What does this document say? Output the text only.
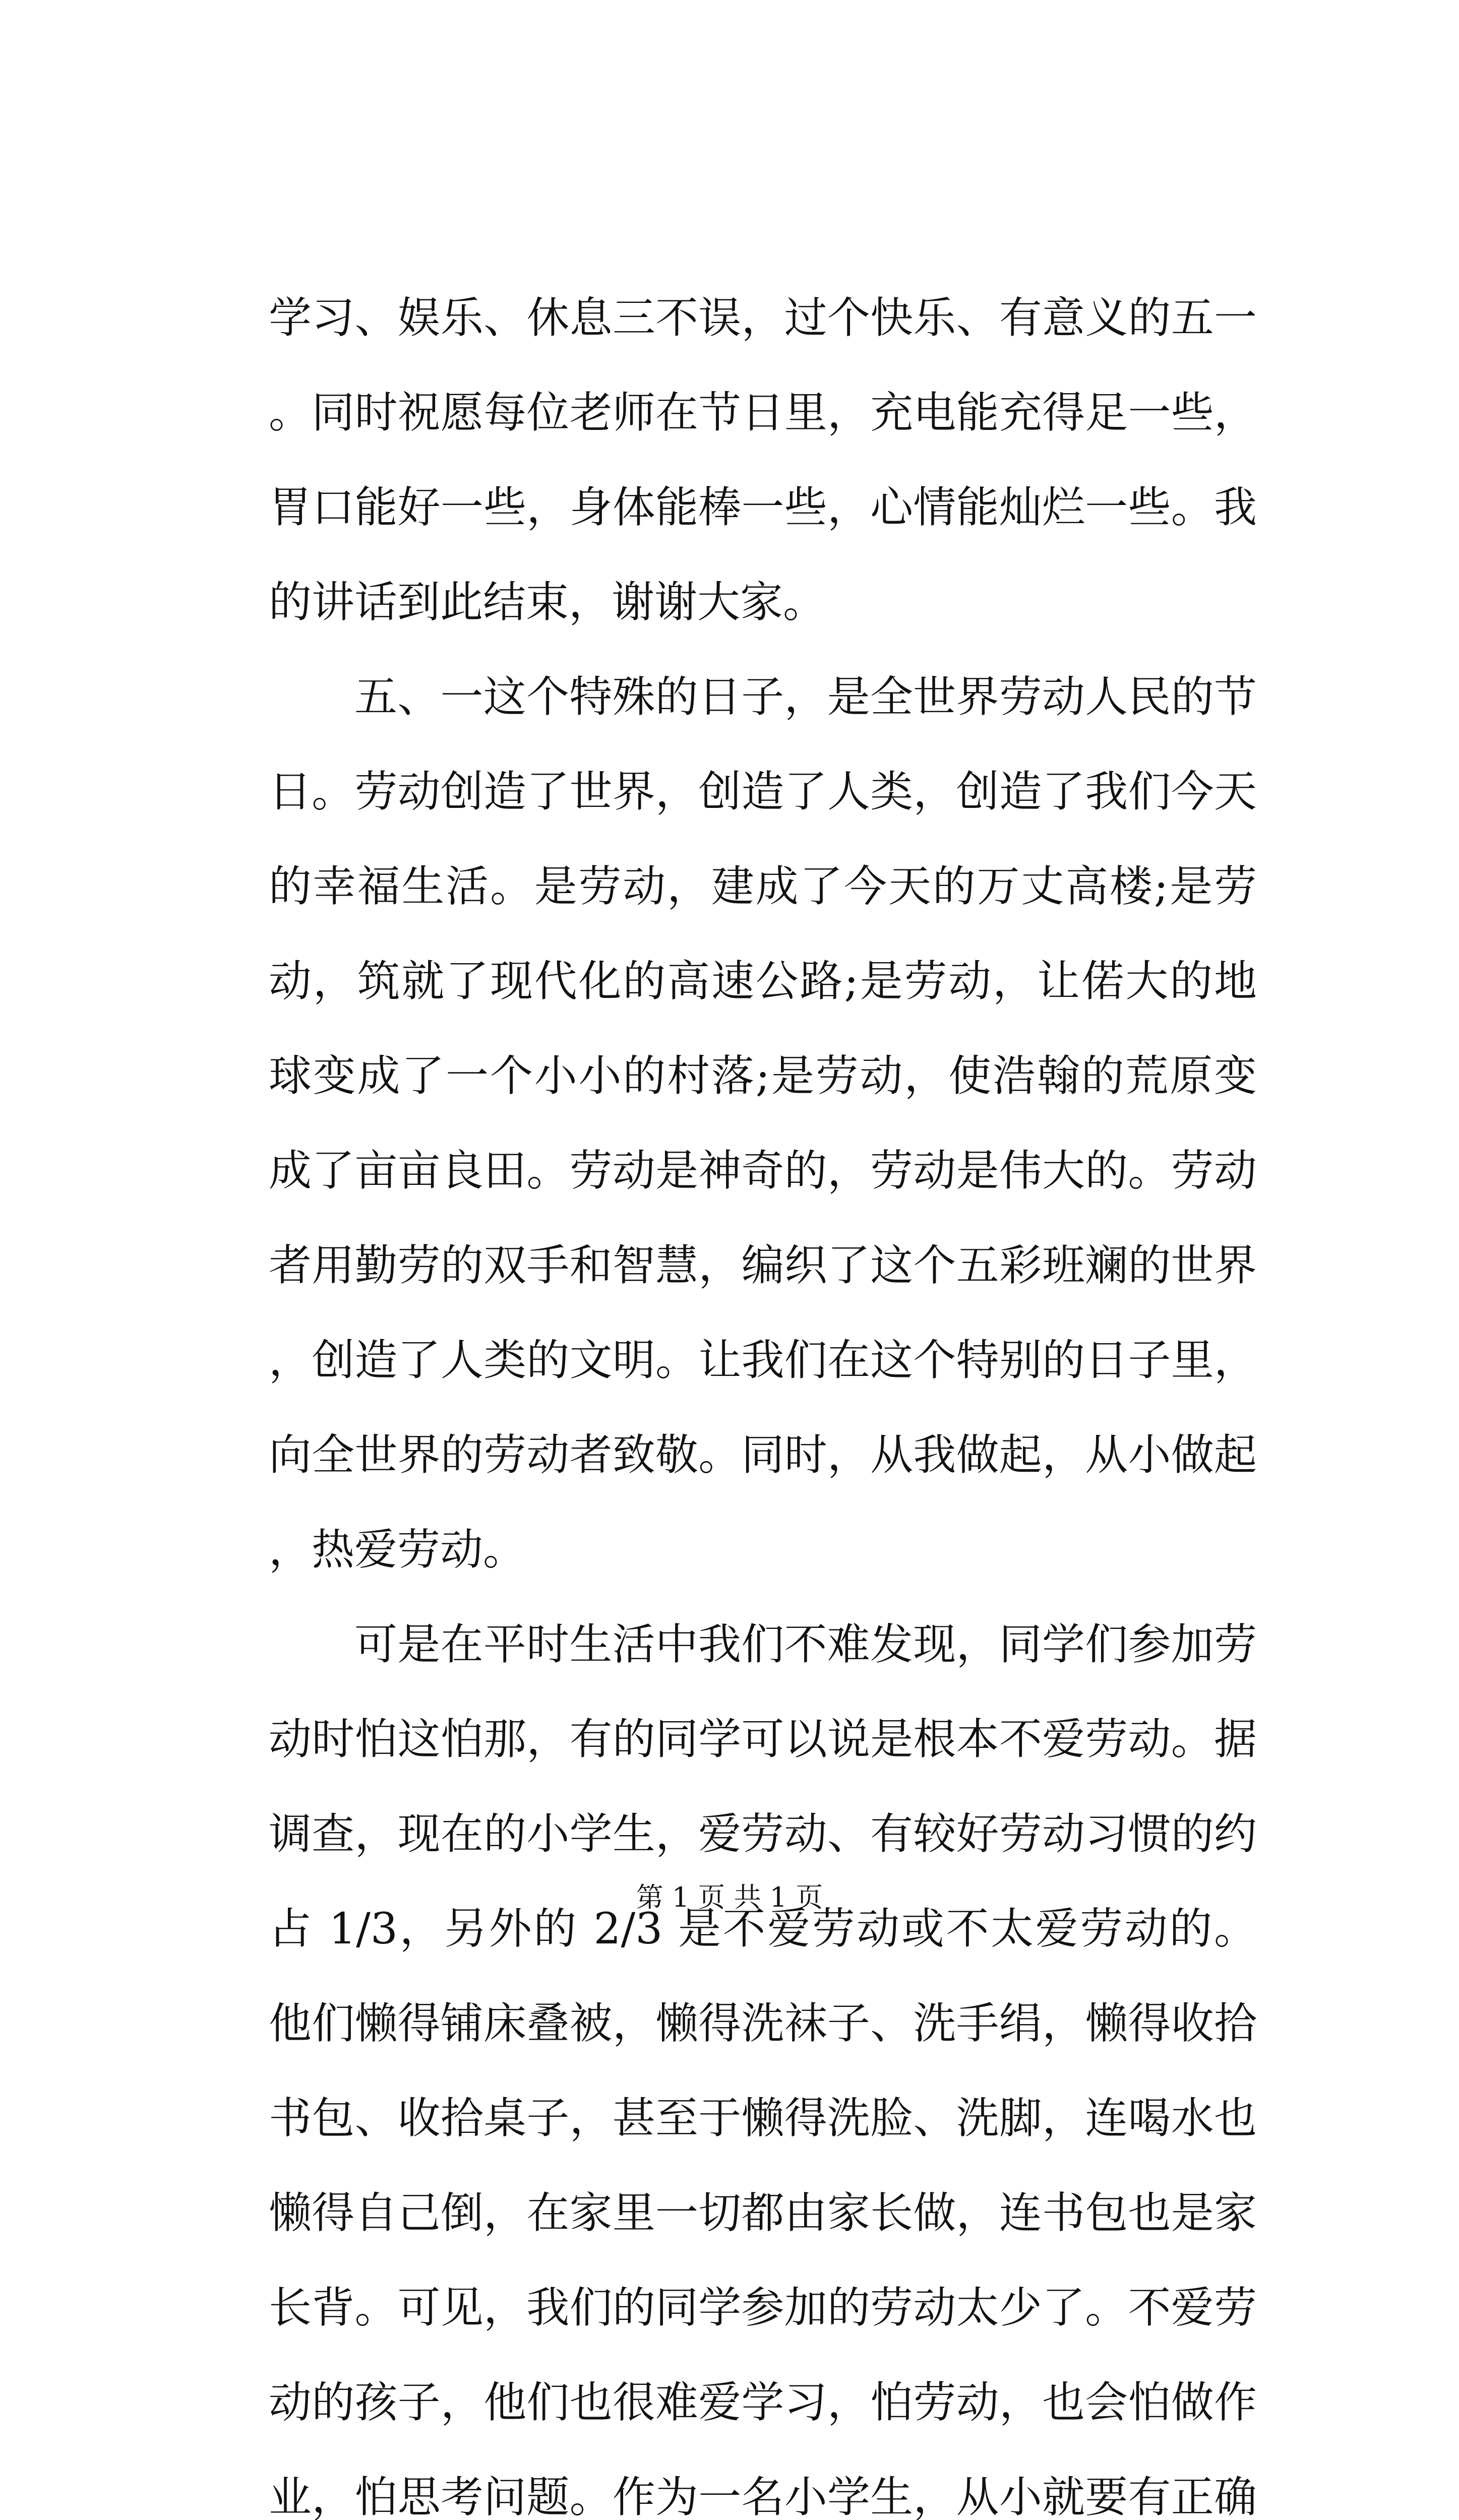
学习、娱乐、休息三不误，过个快乐、有意义的五一。同时祝愿每位老师在节日里，充电能充得足一些，胃口能好一些，身体能棒一些，心情能灿烂一些。我的讲话到此结束，谢谢大家。

五、一这个特殊的日子，是全世界劳动人民的节日。劳动创造了世界，创造了人类，创造了我们今天的幸福生活。是劳动，建成了今天的万丈高楼;是劳动，筑就了现代化的高速公路;是劳动，让偌大的地球变成了一个小小的村落;是劳动，使浩翰的荒原变成了亩亩良田。劳动是神奇的，劳动是伟大的。劳动者用勤劳的双手和智慧，编织了这个五彩班斓的世界，创造了人类的文明。让我们在这个特别的日子里，向全世界的劳动者致敬。同时，从我做起，从小做起，热爱劳动。

可是在平时生活中我们不难发现，同学们参加劳动时怕这怕那，有的同学可以说是根本不爱劳动。据调查，现在的小学生，爱劳动、有较好劳动习惯的约占 1/3，另外的 2/3 是不爱劳动或不太爱劳动的。他们懒得铺床叠被，懒得洗袜子、洗手绢，懒得收拾书包、收拾桌子，甚至于懒得洗脸、洗脚，连喝水也懒得自己倒，在家里一切都由家长做，连书包也是家长背。可见，我们的同学参加的劳动太少了。不爱劳动的孩子，他们也很难爱学习，怕劳动，也会怕做作业，怕思考问题。作为一名小学生，从小就要有正确

第 1 页 共 1 页
